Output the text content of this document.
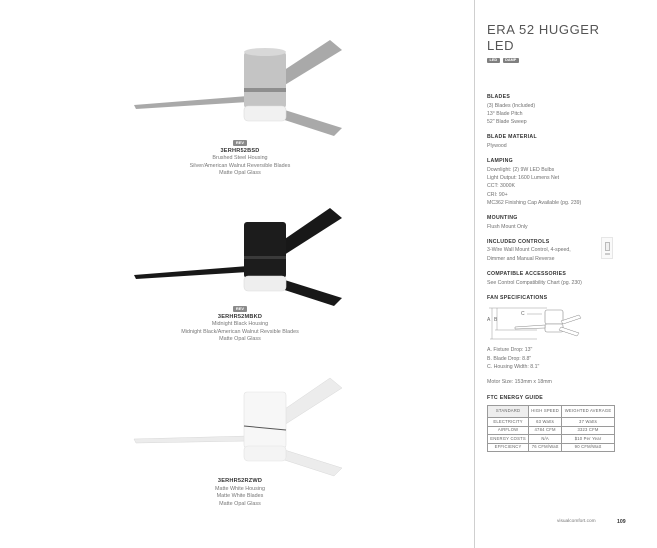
REV
3ERHR52BSD
Brushed Steel Housing
Silver/American Walnut Reversible Blades
Matte Opal Glass
REV
3ERHR52MBKD
Midnight Black Housing
Midnight Black/American Walnut Revsible Blades
Matte Opal Glass
3ERHR52RZWD
Matte White Housing
Matte White Blades
Matte Opal Glass
ERA 52 HUGGER LED
LED	DAMP
BLADES
(3) Blades (Included)
13° Blade Pitch
52" Blade Sweep
BLADE MATERIAL
Plywood
LAMPING
Downlight: (2) 9W LED Bulbs
Light Output: 1600 Lumens Net
CCT: 3000K
CRI: 90+
MC362 Finishing Cap Available (pg. 239)
MOUNTING
Flush Mount Only
INCLUDED CONTROLS
3-Wire Wall Mount Control, 4-speed,
Dimmer and Manual Reverse
COMPATIBLE ACCESSORIES
See Control Compatibility Chart (pg. 230)
FAN SPECIFICATIONS
A B
C
A. Fixture Drop: 13"
B. Blade Drop: 8.8"
C. Housing Width: 8.1"
Motor Size: 153mm x 18mm
FTC ENERGY GUIDE
STANDARD	HIGH SPEED	WEIGHTED AVERAGE
ELECTRICITY	63 Watts	37 Watts
AIRFLOW	4784 CFM	3323 CFM
ENERGY COSTS	N/A	$10 Per Year
EFFICIENCY	76 CFM/Watt	90 CFM/Watt
visualcomfort.com	109
